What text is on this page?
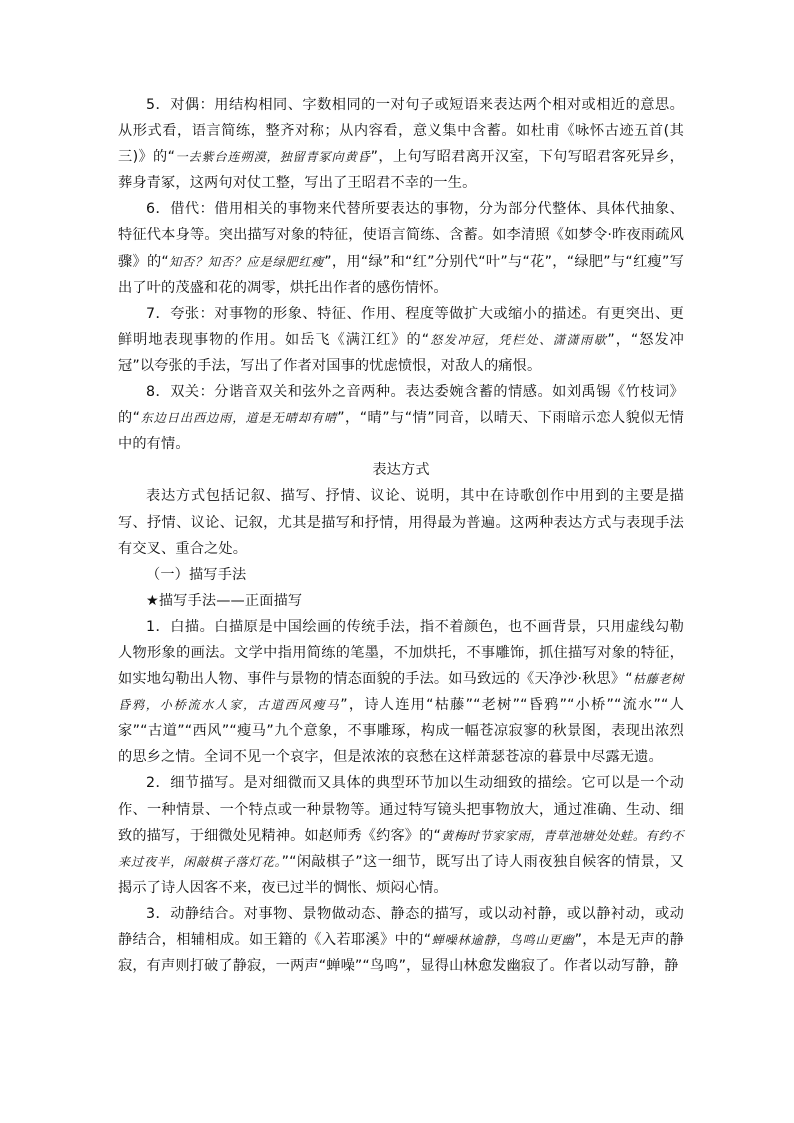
5．对偶：用结构相同、字数相同的一对句子或短语来表达两个相对或相近的意思。从形式看，语言简练，整齐对称；从内容看，意义集中含蓄。如杜甫《咏怀古迹五首(其三)》的“一去紫台连朔漠，独留青冢向黄昏”，上句写昭君离开汉室，下句写昭君客死异乡，葬身青冢，这两句对仗工整，写出了王昭君不幸的一生。

6．借代：借用相关的事物来代替所要表达的事物，分为部分代整体、具体代抽象、特征代本身等。突出描写对象的特征，使语言简练、含蓄。如李清照《如梦令·昨夜雨疏风骤》的“知否？知否？应是绿肥红瘦”，用“绿”和“红”分别代“叶”与“花”，“绿肥”与“红瘦”写出了叶的茂盛和花的凋零，烘托出作者的感伤情怀。

7．夸张：对事物的形象、特征、作用、程度等做扩大或缩小的描述。有更突出、更鲜明地表现事物的作用。如岳飞《满江红》的“怒发冲冠，凭栏处、潇潇雨歇”，“怒发冲冠”以夸张的手法，写出了作者对国事的忧虑愤恨，对敌人的痛恨。

8．双关：分谐音双关和弦外之音两种。表达委婉含蓄的情感。如刘禹锡《竹枝词》的“东边日出西边雨，道是无晴却有晴”，“晴”与“情”同音，以晴天、下雨暗示恋人貌似无情中的有情。

表达方式

表达方式包括记叙、描写、抒情、议论、说明，其中在诗歌创作中用到的主要是描写、抒情、议论、记叙，尤其是描写和抒情，用得最为普遍。这两种表达方式与表现手法有交叉、重合之处。

（一）描写手法

★描写手法——正面描写

1．白描。白描原是中国绘画的传统手法，指不着颜色，也不画背景，只用虚线勾勒人物形象的画法。文学中指用简练的笔墨，不加烘托，不事雕饰，抓住描写对象的特征，如实地勾勒出人物、事件与景物的情态面貌的手法。如马致远的《天净沙·秋思》“枯藤老树昏鸦，小桥流水人家，古道西风瘦马”，诗人连用“枯藤”“老树”“昏鸦”“小桥”“流水”“人家”“古道”“西风”“瘦马”九个意象，不事雕琢，构成一幅苍凉寂寥的秋景图，表现出浓烈的思乡之情。全词不见一个哀字，但是浓浓的哀愁在这样萧瑟苍凉的暮景中尽露无遗。

2．细节描写。是对细微而又具体的典型环节加以生动细致的描绘。它可以是一个动作、一种情景、一个特点或一种景物等。通过特写镜头把事物放大，通过准确、生动、细致的描写，于细微处见精神。如赵师秀《约客》的“黄梅时节家家雨，青草池塘处处蛙。有约不来过夜半，闲敲棋子落灯花。”“闲敲棋子”这一细节，既写出了诗人雨夜独自候客的情景，又揭示了诗人因客不来，夜已过半的惆怅、烦闷心情。

3．动静结合。对事物、景物做动态、静态的描写，或以动衬静，或以静衬动，或动静结合，相辅相成。如王籍的《入若耶溪》中的“蝉噪林逾静，鸟鸣山更幽”，本是无声的静寂，有声则打破了静寂，一两声“蝉噪”“鸟鸣”，显得山林愈发幽寂了。作者以动写静，静
